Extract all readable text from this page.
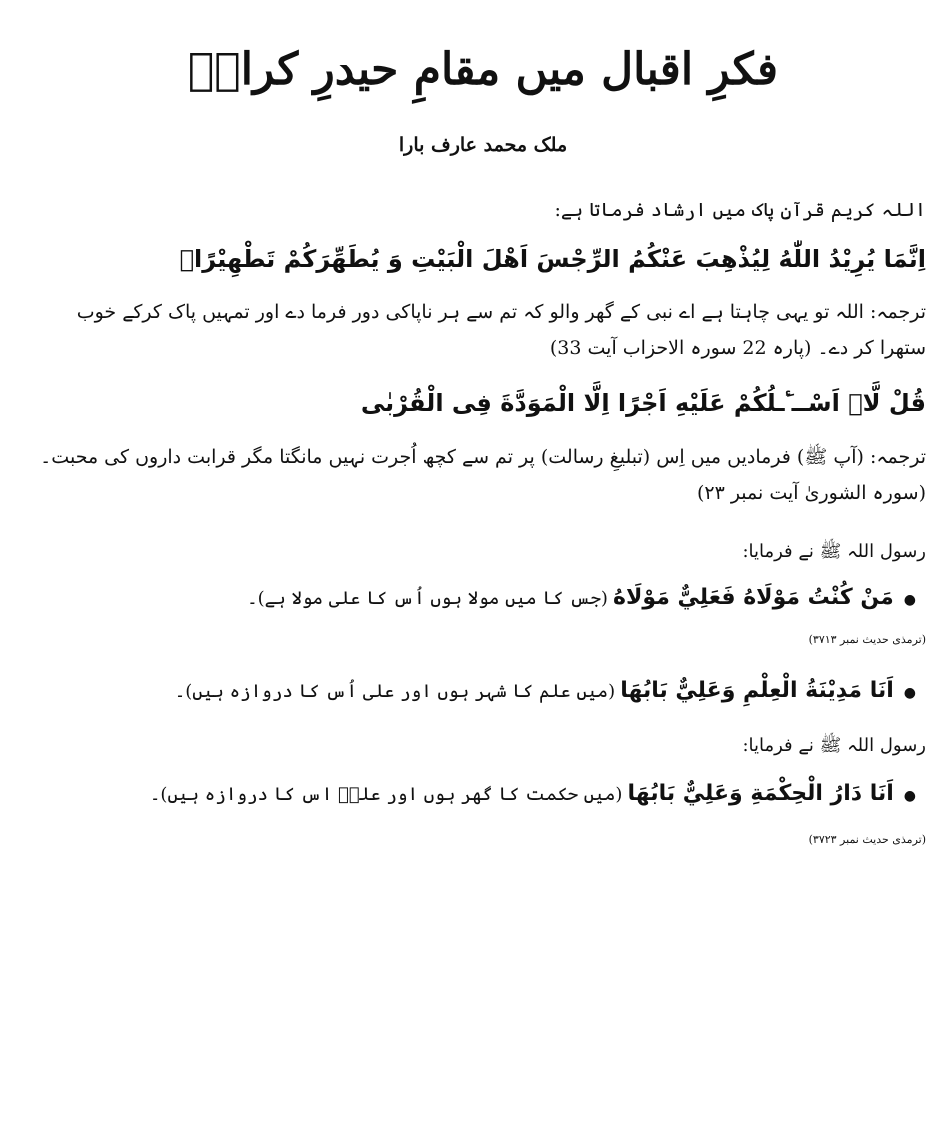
فکرِ اقبال میں مقامِ حیدرِ کرارؑ
ملک محمد عارف بارا
اللہ کریم قرآنِ پاک میں ارشاد فرماتا ہے:
اِنَّمَا يُرِيْدُ اللّٰهُ لِيُذْهِبَ عَنْكُمُ الرِّجْسَ اَهْلَ الْبَيْتِ وَ يُطَهِّرَكُمْ تَطْهِيْرًاۚ
ترجمہ: اللہ تو یہی چاہتا ہے اے نبی کے گھر والو کہ تم سے ہر ناپاکی دور فرما دے اور تمہیں پاک کرکے خوب ستھرا کر دے۔ (پارہ 22 سورہ الاحزاب آیت 33)
قُلْ لَّاۤ اَسْــٴَـلُكُمْ عَلَیْهِ اَجْرًا اِلَّا الْمَوَدَّةَ فِی الْقُرْبٰى
ترجمہ: (آپ ﷺ) فرمادیں میں اِس (تبلیغِ رسالت) پر تم سے کچھ اُجرت نہیں مانگتا مگر قرابت داروں کی محبت۔ (سورہ الشوریٰ آیت نمبر ۲۳)
رسول اللہ ﷺ نے فرمایا:
●
مَنْ كُنْتُ مَوْلَاهُ فَعَلِيٌّ مَوْلَاهُ (جس کا میں مولا ہوں اُس کا علی مولا ہے)۔
(ترمذی حدیث نمبر ۳۷۱۳)
●
اَنَا مَدِيْنَةُ الْعِلْمِ وَعَلِيٌّ بَابُهَا (میں علم کا شہر ہوں اور علی اُس کا دروازہ ہیں)۔
رسول اللہ ﷺ نے فرمایا:
●
اَنَا دَارُ الْحِكْمَةِ وَعَلِيٌّ بَابُهَا (میں حکمت کا گھر ہوں اور علیؑ اس کا دروازہ ہیں)۔
(ترمذی حدیث نمبر ۳۷۲۳)
